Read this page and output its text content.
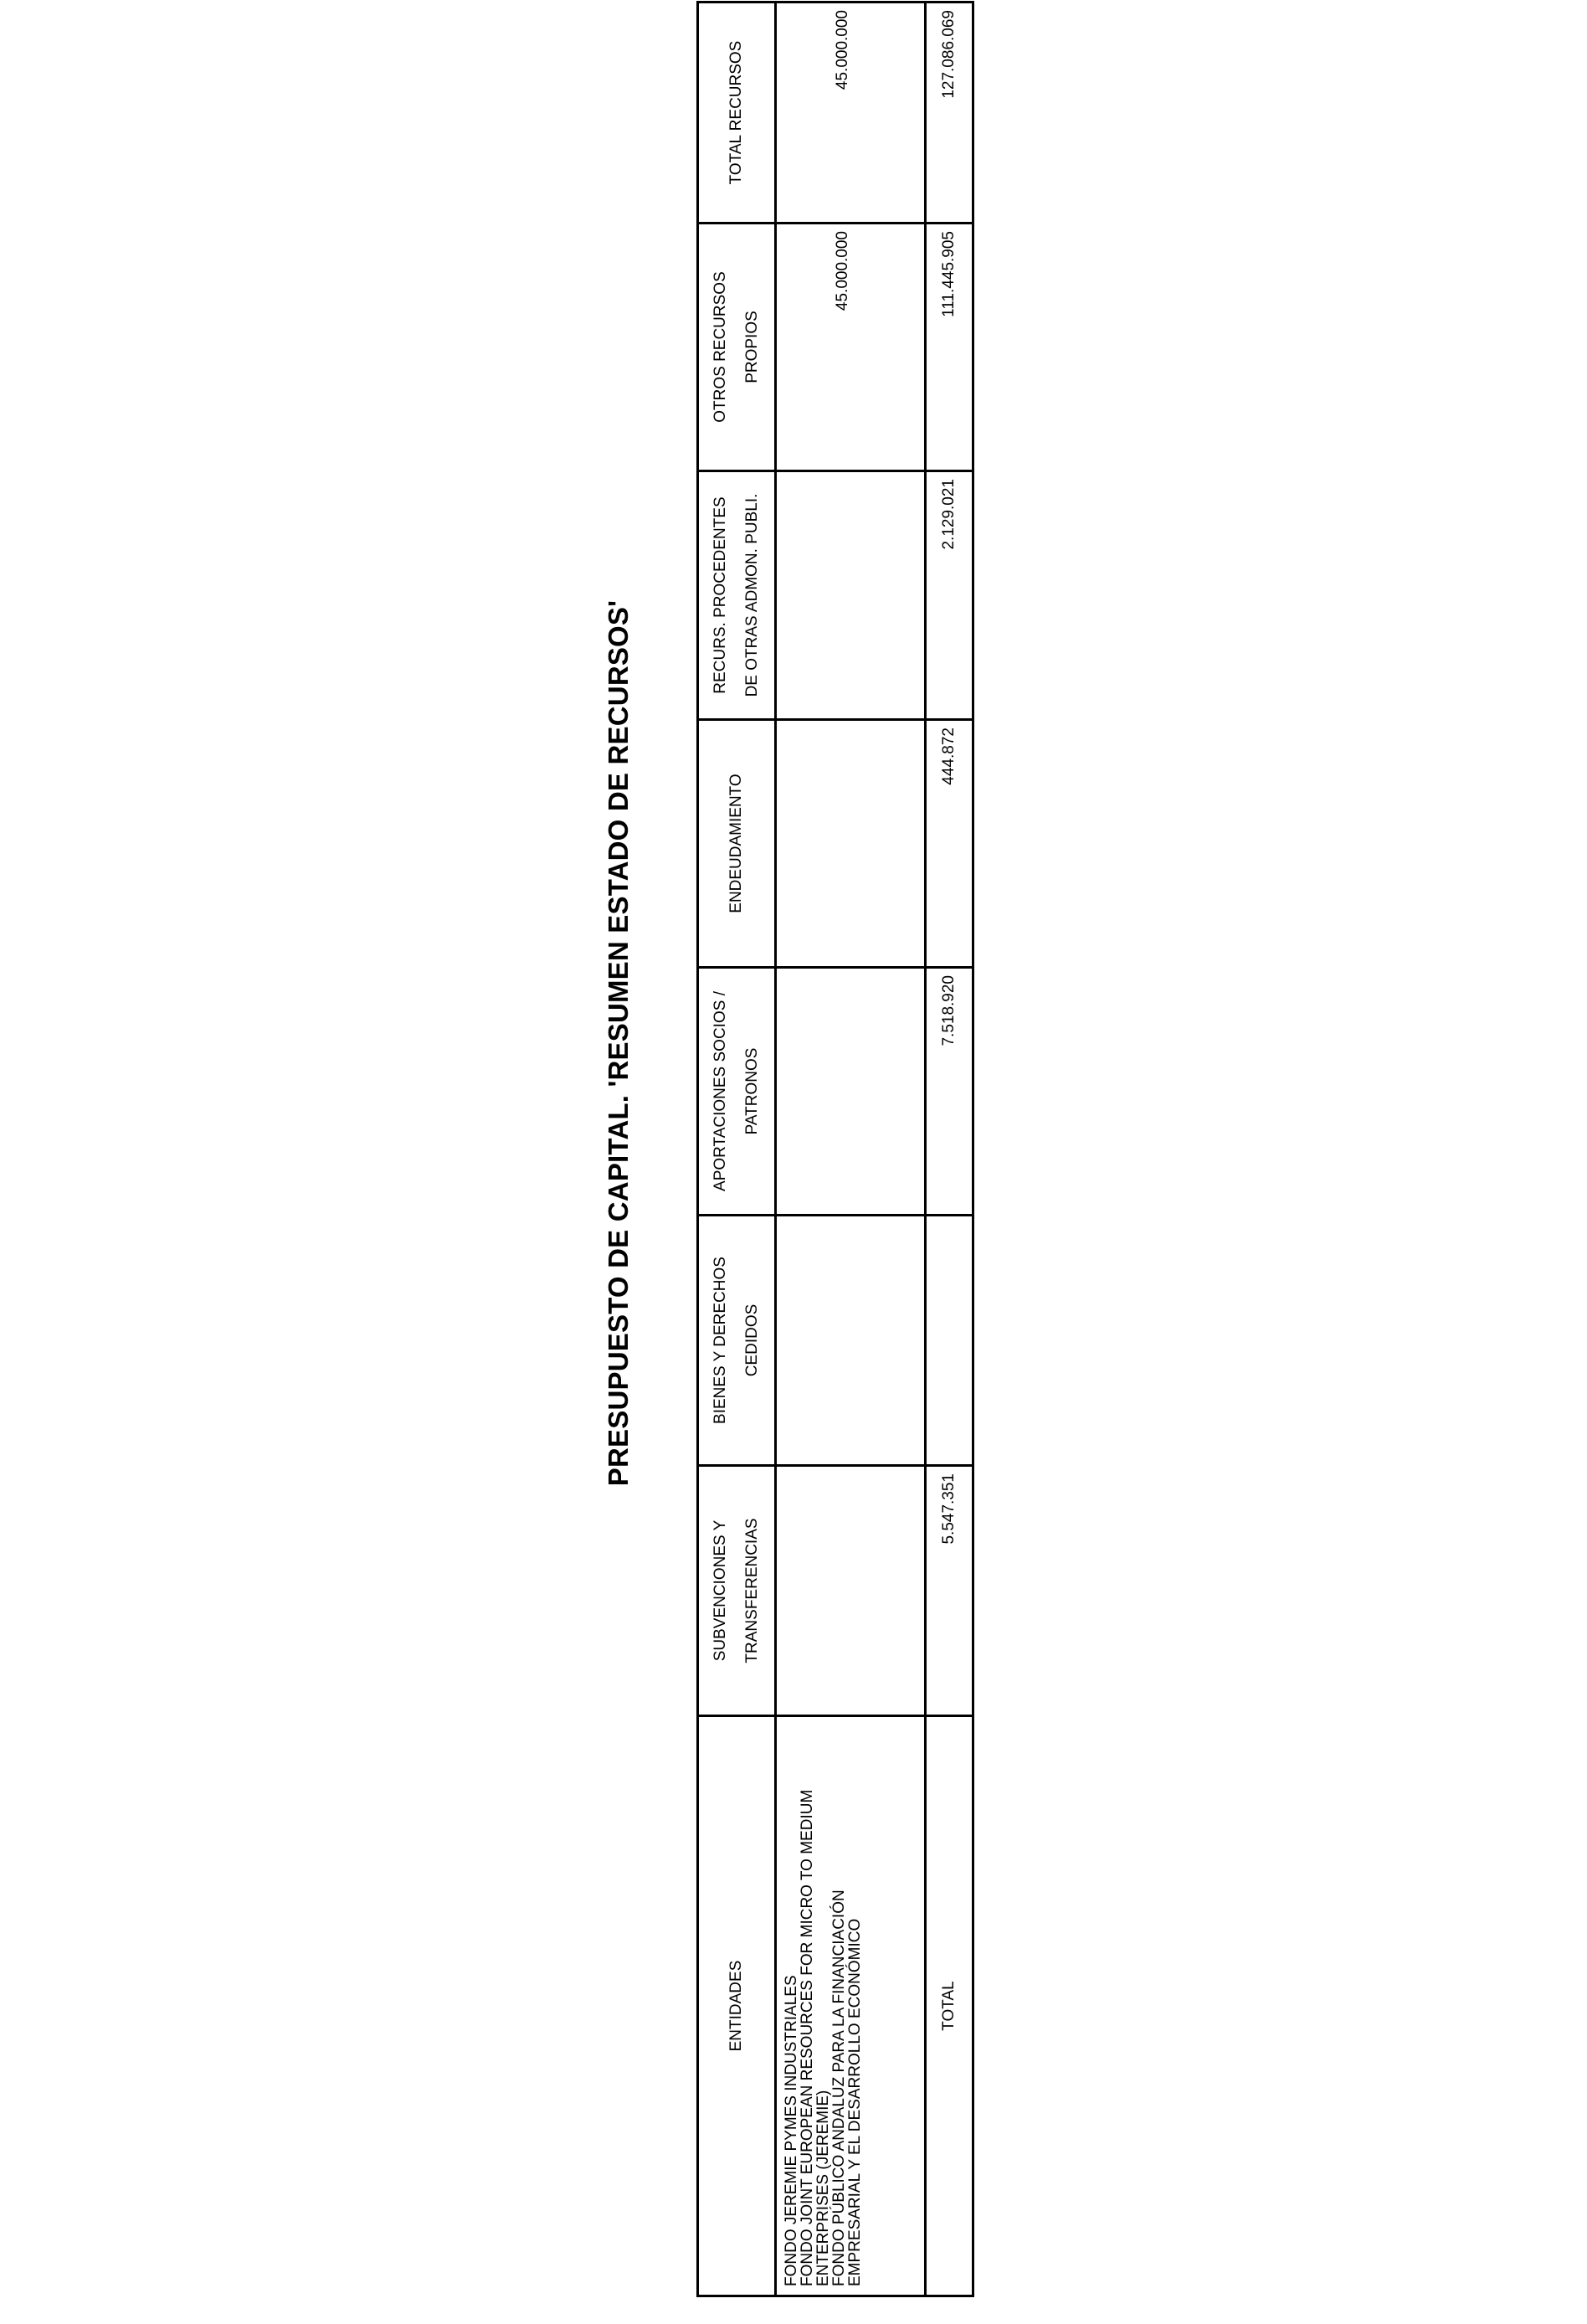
PRESUPUESTO DE CAPITAL. 'RESUMEN ESTADO DE RECURSOS'
ENTIDADES	SUBVENCIONES Y TRANSFERENCIAS	BIENES Y DERECHOS CEDIDOS	APORTACIONES SOCIOS / PATRONOS	ENDEUDAMIENTO	RECURS. PROCEDENTES DE OTRAS ADMON. PUBLI.	OTROS RECURSOS PROPIOS	TOTAL RECURSOS

FONDO JEREMIE PYMES INDUSTRIALES
FONDO JOINT EUROPEAN RESOURCES FOR MICRO TO MEDIUM
ENTERPRISES (JEREMIE)
FONDO PÚBLICO ANDALUZ PARA LA FINANCIACIÓN
EMPRESARIAL Y EL DESARROLLO ECONÓMICO						45.000.000	45.000.000

TOTAL	5.547.351		7.518.920	444.872	2.129.021	111.445.905	127.086.069
